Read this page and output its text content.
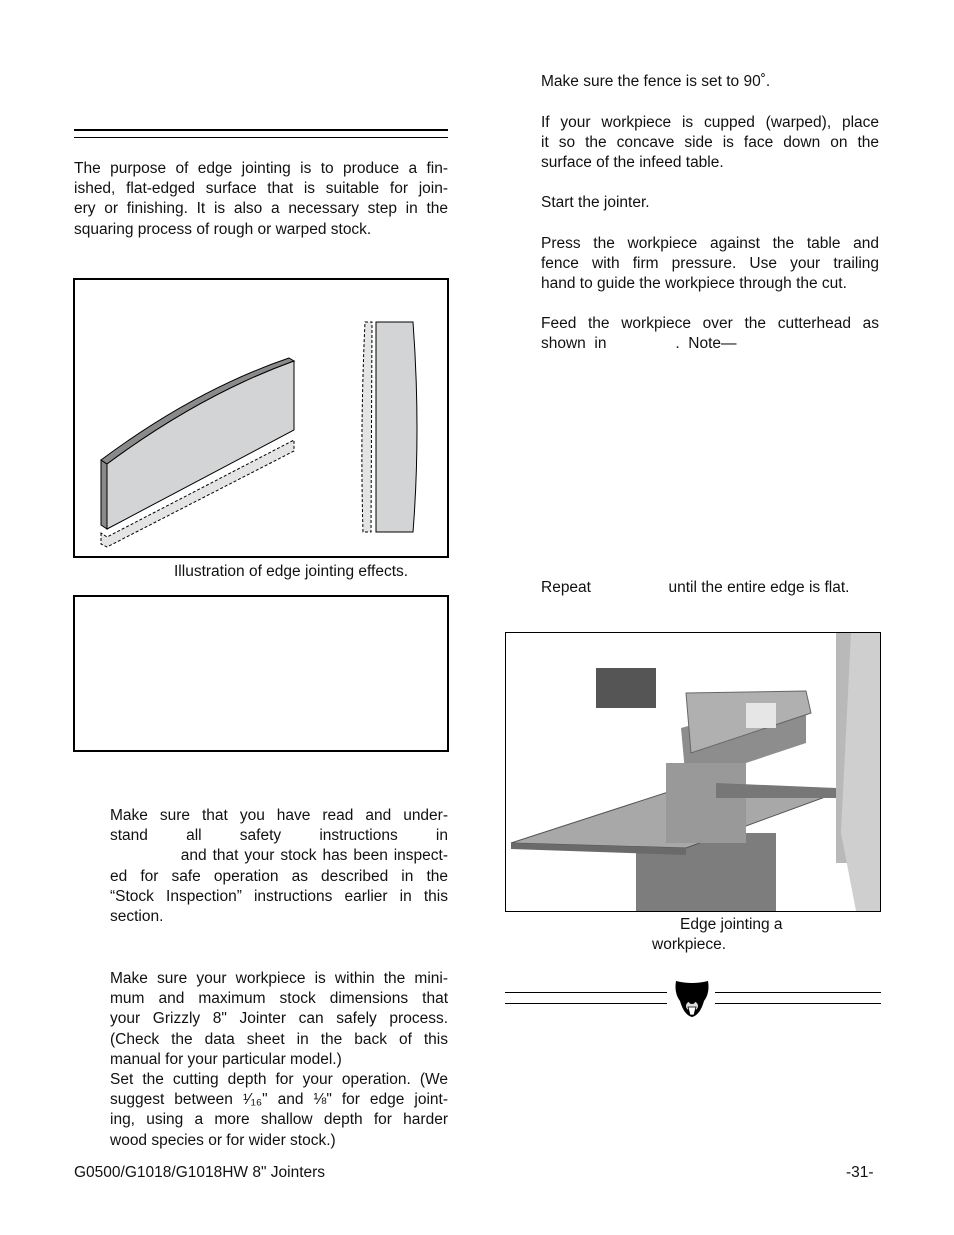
The purpose of edge jointing is to produce a fin-
ished, flat-edged surface that is suitable for join-
ery or finishing. It is also a necessary step in the
squaring process of rough or warped stock.
Illustration of edge jointing effects.
Make sure that you have read and under-
stand  all  safety  instructions  in
and that your stock has been inspect-
ed  for  safe  operation  as  described  in  the
“Stock Inspection” instructions earlier in this
section.
Make sure your workpiece is within the mini-
mum  and  maximum  stock  dimensions  that
your  Grizzly  8"  Jointer  can  safely  process.
(Check  the  data  sheet  in  the  back  of  this
manual for your particular model.)
Set the cutting depth for your operation. (We
suggest between ¹⁄₁₆" and ⅛" for edge joint-
ing,  using  a  more  shallow  depth  for  harder
wood species or for wider stock.)
Make sure the fence is set to 90˚.
If your workpiece is cupped (warped), place
it  so  the  concave  side  is  face  down  on  the
surface of the infeed table.
Start the jointer.
Press  the  workpiece  against  the  table  and
fence  with  firm  pressure.  Use  your  trailing
hand to guide the workpiece through the cut.
Feed  the  workpiece  over  the  cutterhead  as
shown  in                .  Note—
Repeat                  until the entire edge is flat.
Edge jointing a
workpiece.
G0500/G1018/G1018HW 8" Jointers	-31-
